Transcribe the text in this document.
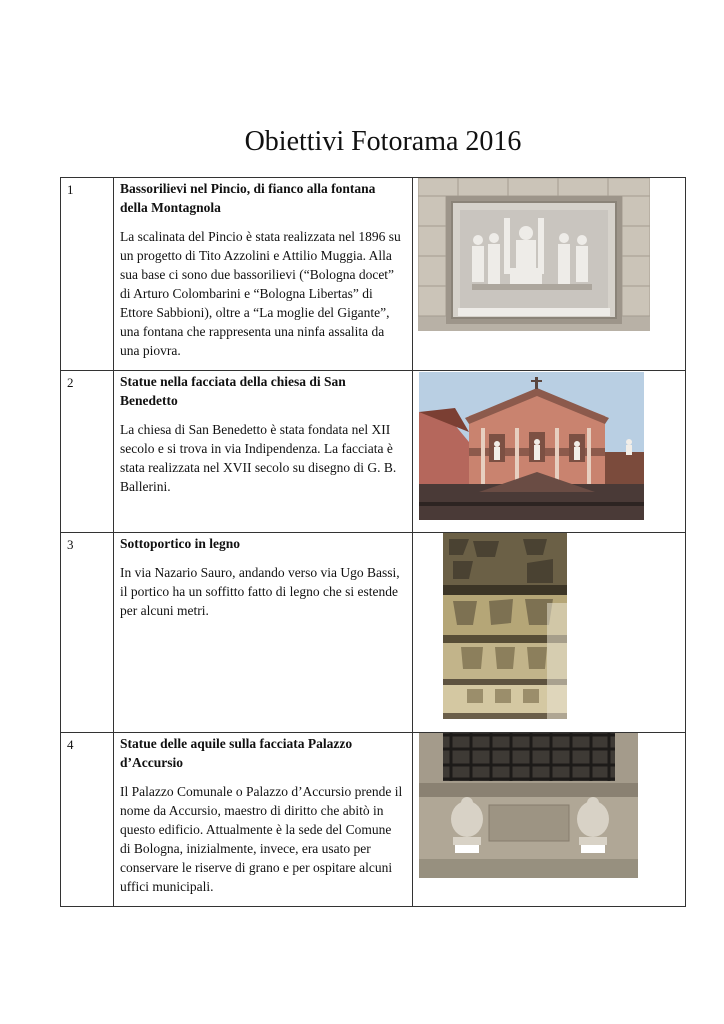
Obiettivi Fotorama 2016
1	Bassorilievi nel Pincio, di fianco alla fontana della Montagnola
La scalinata del Pincio è stata realizzata nel 1896 su un progetto di Tito Azzolini e Attilio Muggia. Alla sua base ci sono due bassorilievi (“Bologna docet” di Arturo Colombarini e “Bologna Libertas” di Ettore Sabbioni), oltre a “La moglie del Gigante”, una fontana che rappresenta una ninfa assalita da una piovra.

2	Statue nella facciata della chiesa di San Benedetto
La chiesa di San Benedetto è stata fondata nel XII secolo e si trova in via Indipendenza. La facciata è stata realizzata nel XVII secolo su disegno di G. B. Ballerini.

3	Sottoportico in legno
In via Nazario Sauro, andando verso via Ugo Bassi, il portico ha un soffitto fatto di legno che si estende per alcuni metri.

4	Statue delle aquile sulla facciata Palazzo d’Accursio
Il Palazzo Comunale o Palazzo d’Accursio prende il nome da Accursio, maestro di diritto che abitò in questo edificio. Attualmente è la sede del Comune di Bologna, inizialmente, invece, era usato per conservare le riserve di grano e per ospitare alcuni uffici municipali.
